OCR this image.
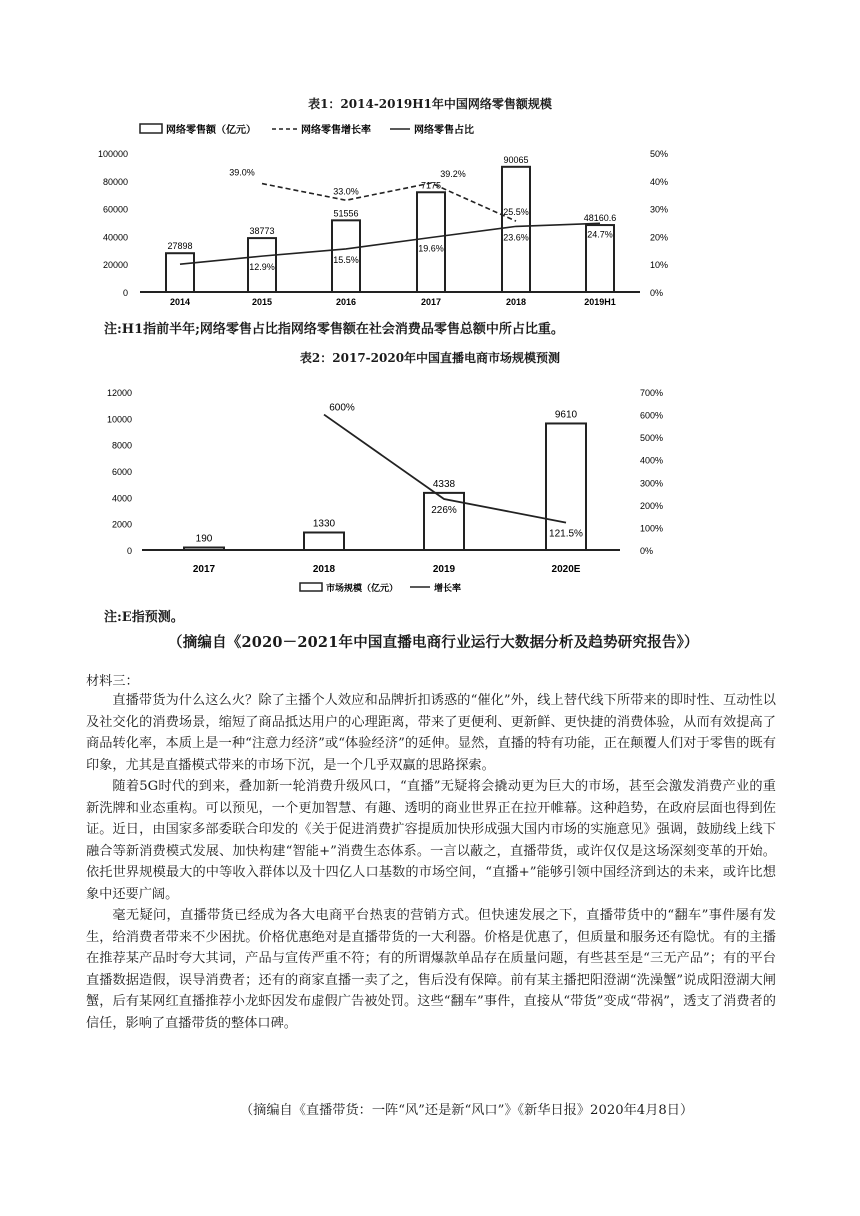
表1：2014-2019H1年中国网络零售额规模
网络零售额（亿元）	网络零售增长率	网络零售占比
100000
80000
60000
40000
20000
0
50%
40%
30%
20%
10%
0%
27898
2014
38773
2015
51556
2016
7175
2017
90065
2018
48160.6
2019H1
39.0%
33.0%
39.2%
25.5%
12.9%
15.5%
19.6%
23.6%	24.7%
注:H1指前半年;网络零售占比指网络零售额在社会消费品零售总额中所占比重。
表2：2017-2020年中国直播电商市场规模预测
12000
10000
8000
6000
4000
2000
0
700%
600%
500%
400%
300%
200%
100%
0%
190
2017
1330
2018
4338
2019
9610
2020E
600%
226%
121.5%
市场规模（亿元）	增长率
注:E指预测。
（摘编自《2020－2021年中国直播电商行业运行大数据分析及趋势研究报告》）
材料三：

直播带货为什么这么火？除了主播个人效应和品牌折扣诱惑的“催化”外，线上替代线下所带来的即时性、互动性以及社交化的消费场景，缩短了商品抵达用户的心理距离，带来了更便利、更新鲜、更快捷的消费体验，从而有效提高了商品转化率，本质上是一种“注意力经济”或“体验经济”的延伸。显然，直播的特有功能，正在颠覆人们对于零售的既有印象，尤其是直播模式带来的市场下沉，是一个几乎双赢的思路探索。

随着5G时代的到来，叠加新一轮消费升级风口，“直播”无疑将会撬动更为巨大的市场，甚至会激发消费产业的重新洗牌和业态重构。可以预见，一个更加智慧、有趣、透明的商业世界正在拉开帷幕。这种趋势，在政府层面也得到佐证。近日，由国家多部委联合印发的《关于促进消费扩容提质加快形成强大国内市场的实施意见》强调，鼓励线上线下融合等新消费模式发展、加快构建“智能+”消费生态体系。一言以蔽之，直播带货，或许仅仅是这场深刻变革的开始。依托世界规模最大的中等收入群体以及十四亿人口基数的市场空间，“直播+”能够引领中国经济到达的未来，或许比想象中还要广阔。

毫无疑问，直播带货已经成为各大电商平台热衷的营销方式。但快速发展之下，直播带货中的“翻车”事件屡有发生，给消费者带来不少困扰。价格优惠绝对是直播带货的一大利器。价格是优惠了，但质量和服务还有隐忧。有的主播在推荐某产品时夸大其词，产品与宣传严重不符；有的所谓爆款单品存在质量问题，有些甚至是“三无产品”；有的平台直播数据造假，误导消费者；还有的商家直播一卖了之，售后没有保障。前有某主播把阳澄湖“洗澡蟹”说成阳澄湖大闸蟹，后有某网红直播推荐小龙虾因发布虚假广告被处罚。这些“翻车”事件，直接从“带货”变成“带祸”，透支了消费者的信任，影响了直播带货的整体口碑。

（摘编自《直播带货：一阵“风”还是新“风口”》《新华日报》2020年4月8日）
